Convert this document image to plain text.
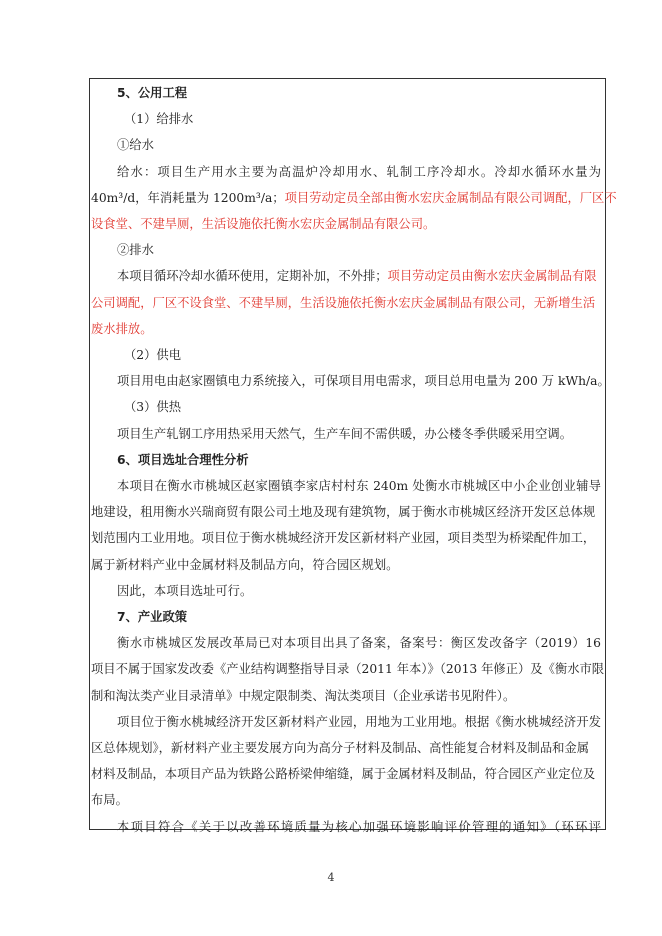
5、公用工程
（1）给排水
①给水
给水：项目生产用水主要为高温炉冷却用水、轧制工序冷却水。冷却水循环水量为
40m³/d，年消耗量为 1200m³/a；项目劳动定员全部由衡水宏庆金属制品有限公司调配，厂区不
设食堂、不建旱厕，生活设施依托衡水宏庆金属制品有限公司。
②排水
本项目循环冷却水循环使用，定期补加，不外排；项目劳动定员由衡水宏庆金属制品有限
公司调配，厂区不设食堂、不建旱厕，生活设施依托衡水宏庆金属制品有限公司，无新增生活
废水排放。
（2）供电
项目用电由赵家圈镇电力系统接入，可保项目用电需求，项目总用电量为 200 万 kWh/a。
（3）供热
项目生产轧钢工序用热采用天然气，生产车间不需供暖，办公楼冬季供暖采用空调。
6、项目选址合理性分析
本项目在衡水市桃城区赵家圈镇李家店村村东 240m 处衡水市桃城区中小企业创业辅导
地建设，租用衡水兴瑞商贸有限公司土地及现有建筑物，属于衡水市桃城区经济开发区总体规
划范围内工业用地。项目位于衡水桃城经济开发区新材料产业园，项目类型为桥梁配件加工，
属于新材料产业中金属材料及制品方向，符合园区规划。
因此，本项目选址可行。
7、产业政策
衡水市桃城区发展改革局已对本项目出具了备案，备案号：衡区发改备字（2019）16
项目不属于国家发改委《产业结构调整指导目录（2011 年本）》（2013 年修正）及《衡水市限
制和淘汰类产业目录清单》中规定限制类、淘汰类项目（企业承诺书见附件）。
项目位于衡水桃城经济开发区新材料产业园，用地为工业用地。根据《衡水桃城经济开发
区总体规划》，新材料产业主要发展方向为高分子材料及制品、高性能复合材料及制品和金属
材料及制品，本项目产品为铁路公路桥梁伸缩缝，属于金属材料及制品，符合园区产业定位及
布局。
本项目符合《关于以改善环境质量为核心加强环境影响评价管理的通知》（环环评
4
